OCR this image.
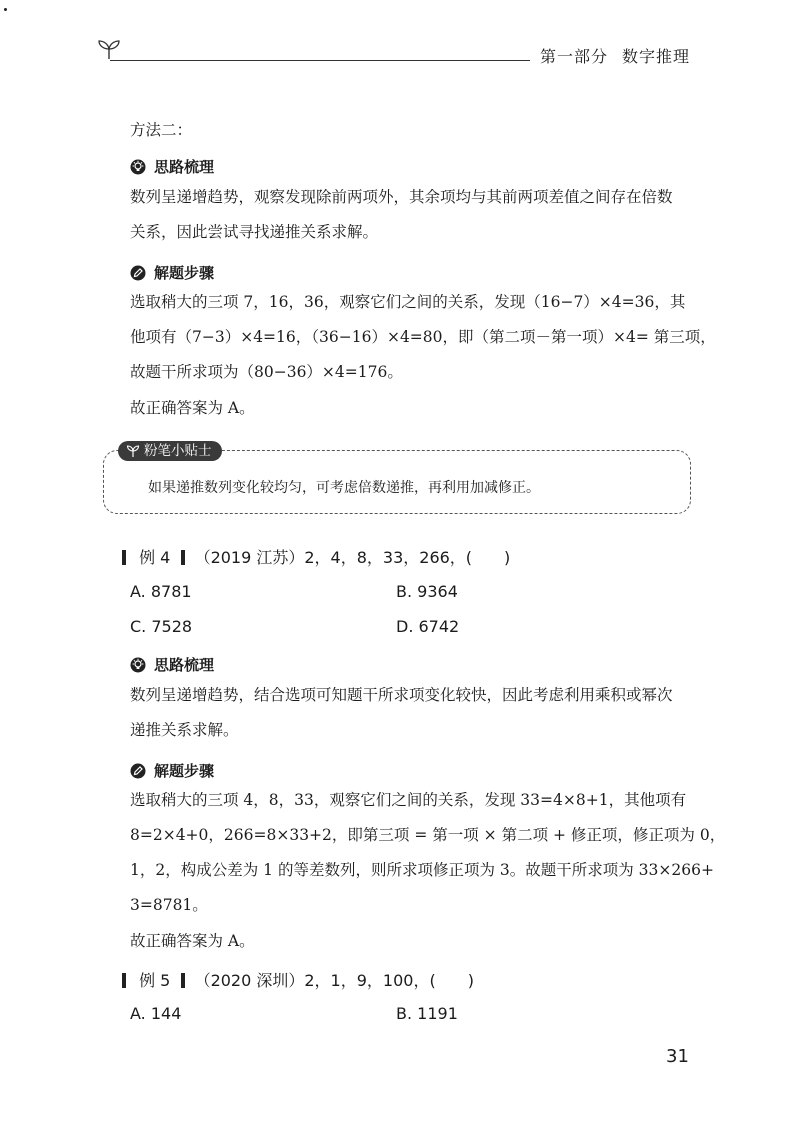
第一部分 数字推理
方法二：
思路梳理
数列呈递增趋势，观察发现除前两项外，其余项均与其前两项差值之间存在倍数
关系，因此尝试寻找递推关系求解。
解题步骤
选取稍大的三项 7，16，36，观察它们之间的关系，发现（16−7）×4=36，其
他项有（7−3）×4=16，（36−16）×4=80，即（第二项－第一项）×4= 第三项，
故题干所求项为（80−36）×4=176。
故正确答案为 A。
粉笔小贴士
如果递推数列变化较均匀，可考虑倍数递推，再利用加减修正。
例 4 （2019 江苏）2，4，8，33，266，(　　)
A. 8781	B. 9364
C. 7528	D. 6742
思路梳理
数列呈递增趋势，结合选项可知题干所求项变化较快，因此考虑利用乘积或幂次
递推关系求解。
解题步骤
选取稍大的三项 4，8，33，观察它们之间的关系，发现 33=4×8+1，其他项有
8=2×4+0，266=8×33+2，即第三项 = 第一项 × 第二项 + 修正项，修正项为 0，
1，2，构成公差为 1 的等差数列，则所求项修正项为 3。故题干所求项为 33×266+
3=8781。
故正确答案为 A。
例 5 （2020 深圳）2，1，9，100，(　　)
A. 144	B. 1191
31
